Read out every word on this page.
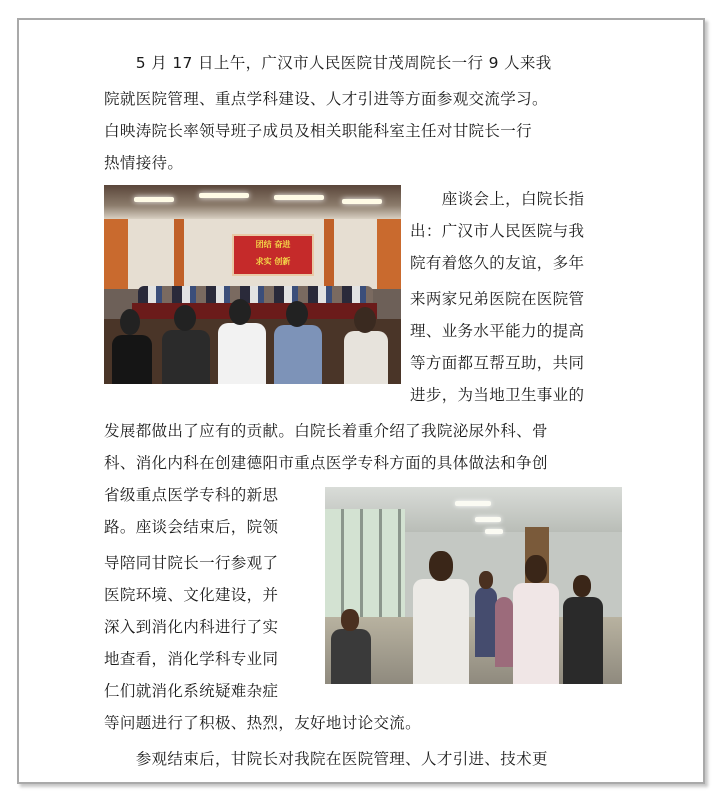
　　5 月 17 日上午，广汉市人民医院甘茂周院长一行 9 人来我
院就医院管理、重点学科建设、人才引进等方面参观交流学习。
白映涛院长率领导班子成员及相关职能科室主任对甘院长一行
热情接待。
　　座谈会上，白院长指
出：广汉市人民医院与我
院有着悠久的友谊，多年
来两家兄弟医院在医院管
理、业务水平能力的提高
等方面都互帮互助，共同
进步，为当地卫生事业的
发展都做出了应有的贡献。白院长着重介绍了我院泌尿外科、骨
科、消化内科在创建德阳市重点医学专科方面的具体做法和争创
省级重点医学专科的新思
路。座谈会结束后，院领
导陪同甘院长一行参观了
医院环境、文化建设，并
深入到消化内科进行了实
地查看，消化学科专业同
仁们就消化系统疑难杂症
等问题进行了积极、热烈，友好地讨论交流。
　　参观结束后，甘院长对我院在医院管理、人才引进、技术更
团结 奋进
求实 创新
